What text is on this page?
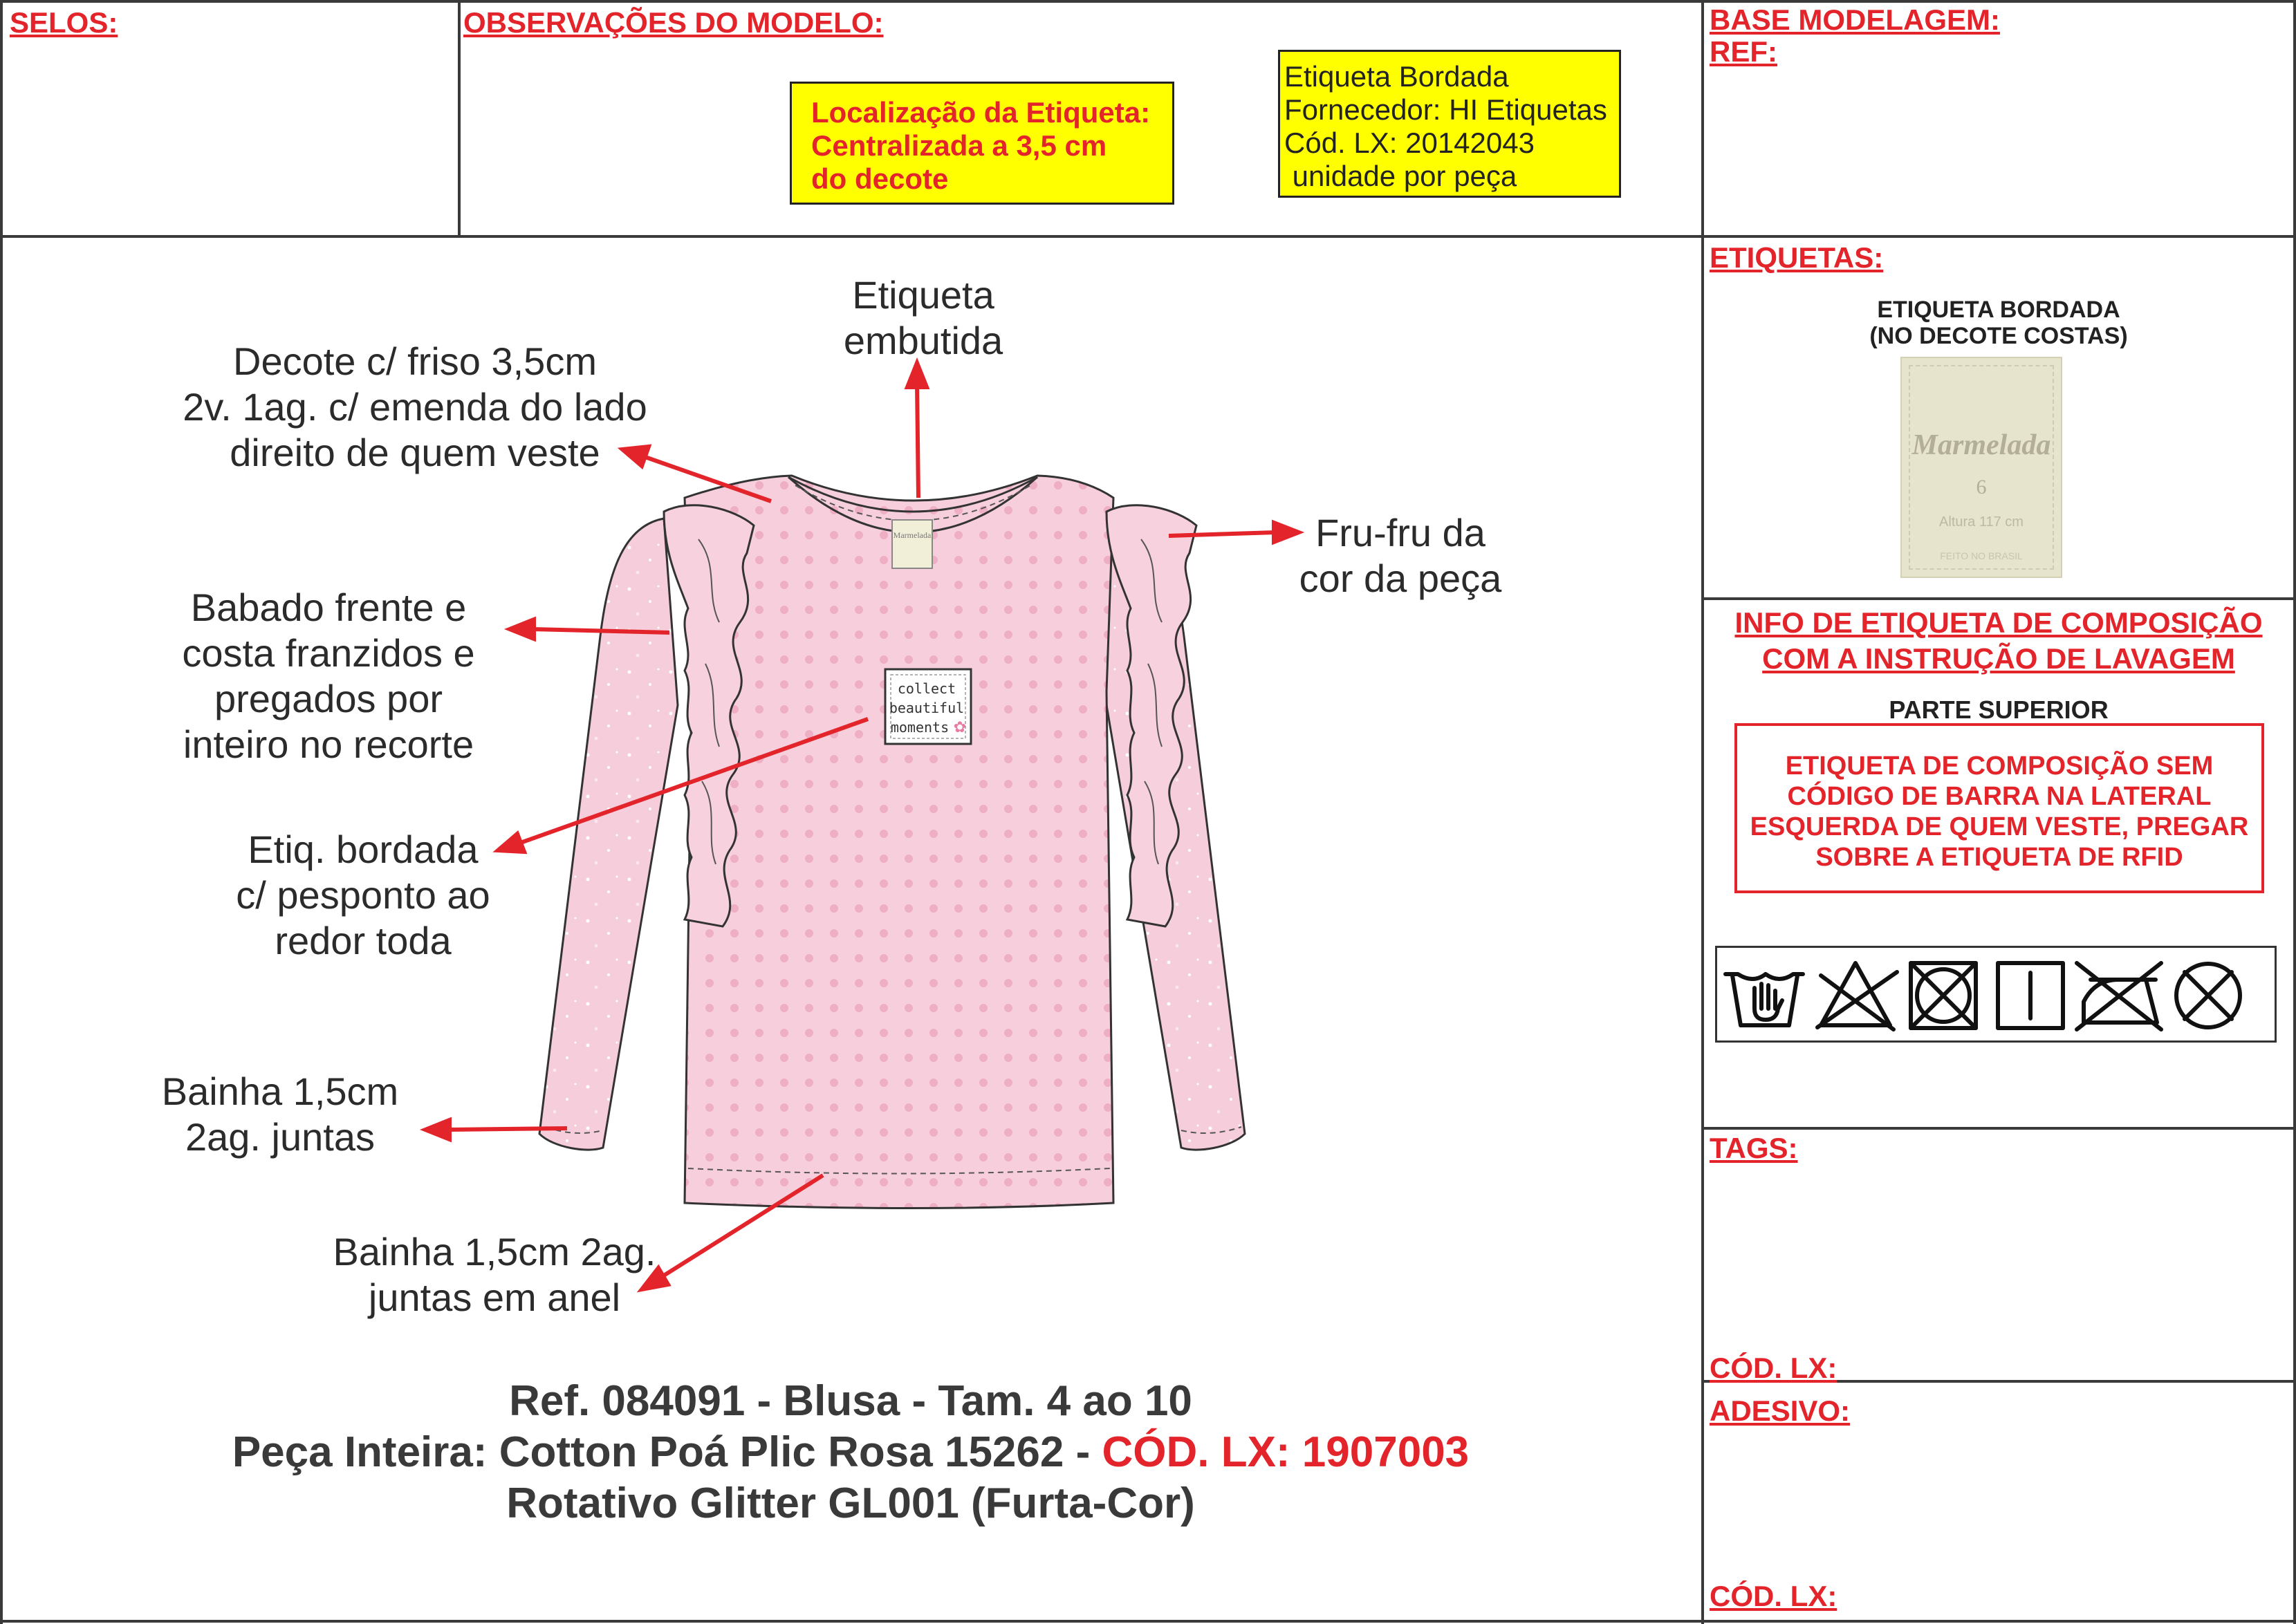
SELOS:	OBSERVAÇÕES DO MODELO:	BASE MODELAGEM:
REF:
Localização da Etiqueta:
Centralizada a 3,5 cm
do decote
Etiqueta Bordada
Fornecedor: HI Etiquetas
Cód. LX: 20142043
unidade por peça
Marmelada
collect
beautiful
moments ✿
Etiqueta
embutida
Decote c/ friso 3,5cm
2v. 1ag. c/ emenda do lado
direito de quem veste
Fru-fru da
cor da peça
Babado frente e
costa franzidos e
pregados por
inteiro no recorte
Etiq. bordada
c/ pesponto ao
redor toda
Bainha 1,5cm
2ag. juntas
Bainha 1,5cm 2ag.
juntas em anel
Ref. 084091 - Blusa - Tam. 4 ao 10
Peça Inteira: Cotton Poá Plic Rosa 15262 - CÓD. LX: 1907003
Rotativo Glitter GL001 (Furta-Cor)
ETIQUETAS:
ETIQUETA BORDADA
(NO DECOTE COSTAS)
Marmelada
6
Altura 117 cm
FEITO NO BRASIL
INFO DE ETIQUETA DE COMPOSIÇÃO
COM A INSTRUÇÃO DE LAVAGEM
PARTE SUPERIOR
ETIQUETA DE COMPOSIÇÃO SEM
CÓDIGO DE BARRA NA LATERAL
ESQUERDA DE QUEM VESTE, PREGAR
SOBRE A ETIQUETA DE RFID
TAGS:
CÓD. LX:
ADESIVO:
CÓD. LX:
